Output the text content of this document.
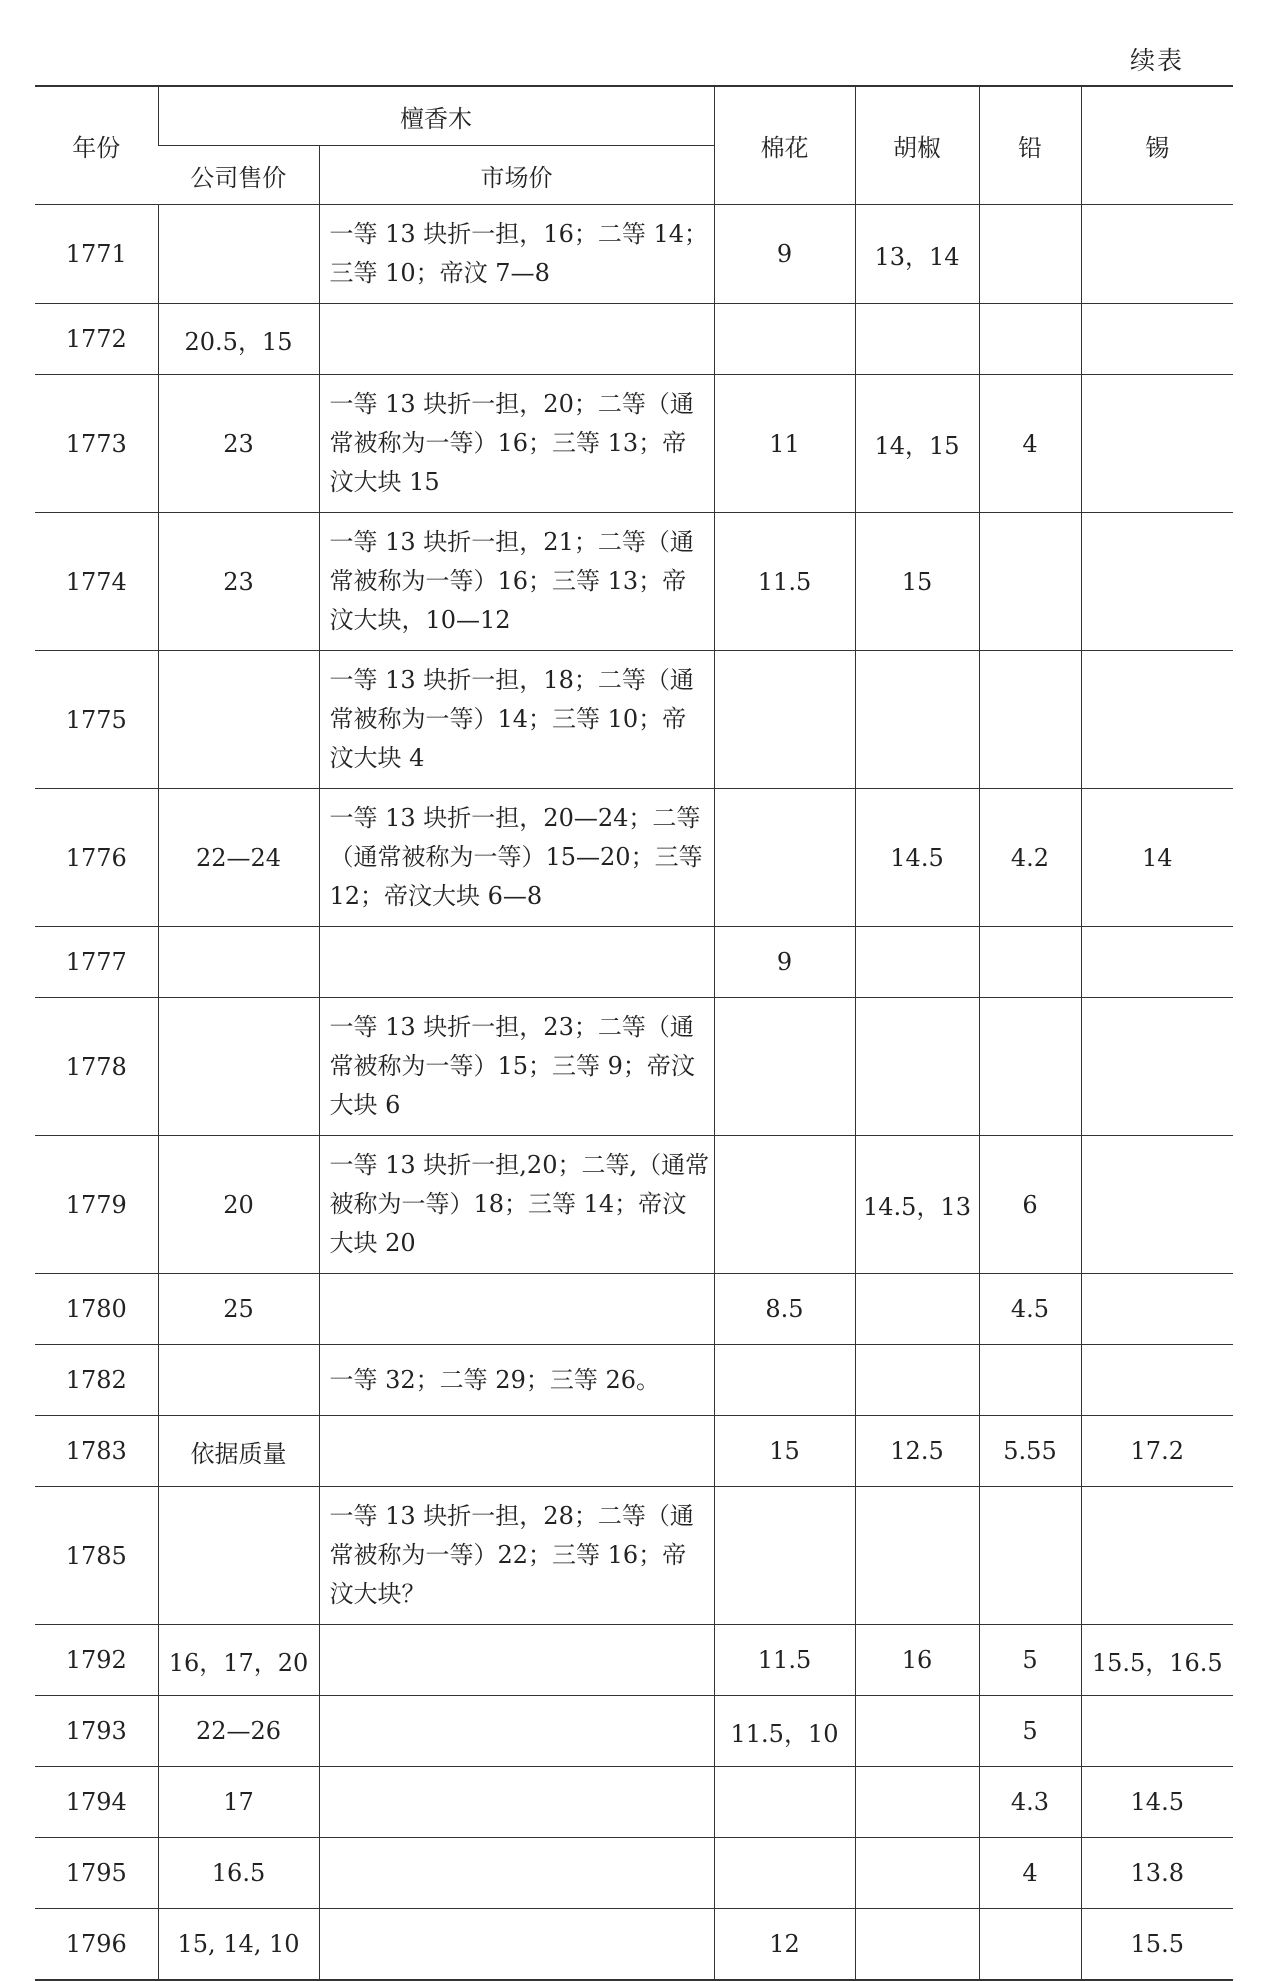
续表
年份	檀香木		棉花	胡椒	铅	锡
	公司售价	市场价				
1771		一等 13 块折一担，16；二等 14；三等 10；帝汶 7—8	9	13，14		
1772	20.5，15					
1773	23	一等 13 块折一担，20；二等（通常被称为一等）16；三等 13；帝汶大块 15	11	14，15	4	
1774	23	一等 13 块折一担，21；二等（通常被称为一等）16；三等 13；帝汶大块，10—12	11.5	15		
1775		一等 13 块折一担，18；二等（通常被称为一等）14；三等 10；帝汶大块 4				
1776	22—24	一等 13 块折一担，20—24；二等（通常被称为一等）15—20；三等 12；帝汶大块 6—8		14.5	4.2	14
1777			9			
1778		一等 13 块折一担，23；二等（通常被称为一等）15；三等 9；帝汶大块 6				
1779	20	一等 13 块折一担,20；二等,（通常被称为一等）18；三等 14；帝汶大块 20		14.5，13	6	
1780	25		8.5		4.5	
1782		一等 32；二等 29；三等 26。				
1783	依据质量		15	12.5	5.55	17.2
1785		一等 13 块折一担，28；二等（通常被称为一等）22；三等 16；帝汶大块？				
1792	16，17，20		11.5	16	5	15.5，16.5
1793	22—26		11.5，10		5	
1794	17				4.3	14.5
1795	16.5				4	13.8
1796	15, 14, 10		12			15.5
